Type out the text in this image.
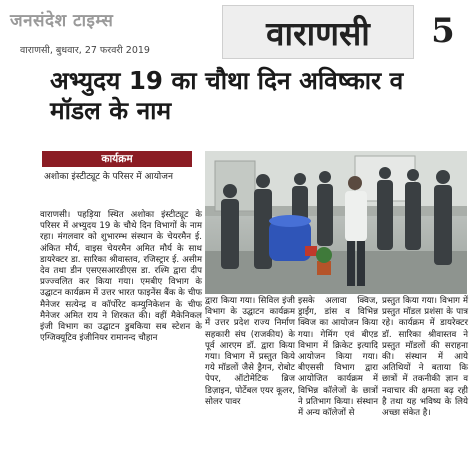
जनसंदेश टाइम्स
वाराणसी, बुधवार, 27 फरवरी 2019	वाराणसी	5
अभ्युदय 19 का चौथा दिन अविष्कार व मॉडल के नाम
कार्यक्रम
अशोका इंस्टीट्यूट के परिसर में आयोजन
वाराणसी। पहड़िया स्थित अशोका इंस्टीट्यूट के परिसर में अभ्युदय 19 के चौथे दिन विभागों के नाम रहा। मंगलवार को शुभारम्भ संस्थान के चेयरमैन ई. अंकित मौर्य, वाइस चेयरमैन अमित मौर्य के साथ डायरेक्टर डा. सारिका श्रीवास्तव, रजिस्ट्रार ई. असीम देव तथा डीन एसएसआरडीएस डा. रश्मि द्वारा दीप प्रज्ज्वलित कर किया गया। एमबीए विभाग के उद्घाटन कार्यक्रम में उत्तर भारत फाइनेंस बैंक के चीफ मैनेजर सत्येन्द्र व कॉर्पोरेट कम्युनिकेशन के चीफ मैनेजर अमित राय ने शिरकत की। वहीं मैकेनिकल इंजी विभाग का उद्घाटन डुबकिया सब स्टेशन के एग्जिक्यूटिव इंजीनियर रामानन्द चौहान
द्वारा किया गया। सिविल इंजी विभाग के उद्घाटन कार्यक्रम में उत्तर प्रदेश राज्य निर्माण सहकारी संघ (राजकीय) के पूर्व आरएम डॉ. द्वारा किया गया। विभाग में प्रस्तुत किये गये मॉडलों जैसे ड्रैगन, रोबोट पेपर, ऑटोमेटिक ब्रिज डिज़ाइन, पोर्टेबल एयर कूलर, सोलर पावर
इसके अलावा क्विज, ड्राईंग, डांस व विभिन्न क्विज का आयोजन किया गया। गेमिंग एवं बीएड विभाग में क्रिकेट इत्यादि आयोजन किया गया। बीएससी विभाग द्वारा आयोजित कार्यक्रम में विभिन्न कॉलेजों के छात्रों ने प्रतिभाग किया। संस्थान में अन्य कॉलेजों से
प्रस्तुत किया गया। विभाग में प्रस्तुत मॉडल प्रशंसा के पात्र रहे। कार्यक्रम में डायरेक्टर डॉ. सारिका श्रीवास्तव ने प्रस्तुत मॉडलों की सराहना की। संस्थान में आये अतिथियों ने बताया कि छात्रों में तकनीकी ज्ञान व नवाचार की क्षमता बढ़ रही है तथा यह भविष्य के लिये अच्छा संकेत है।
